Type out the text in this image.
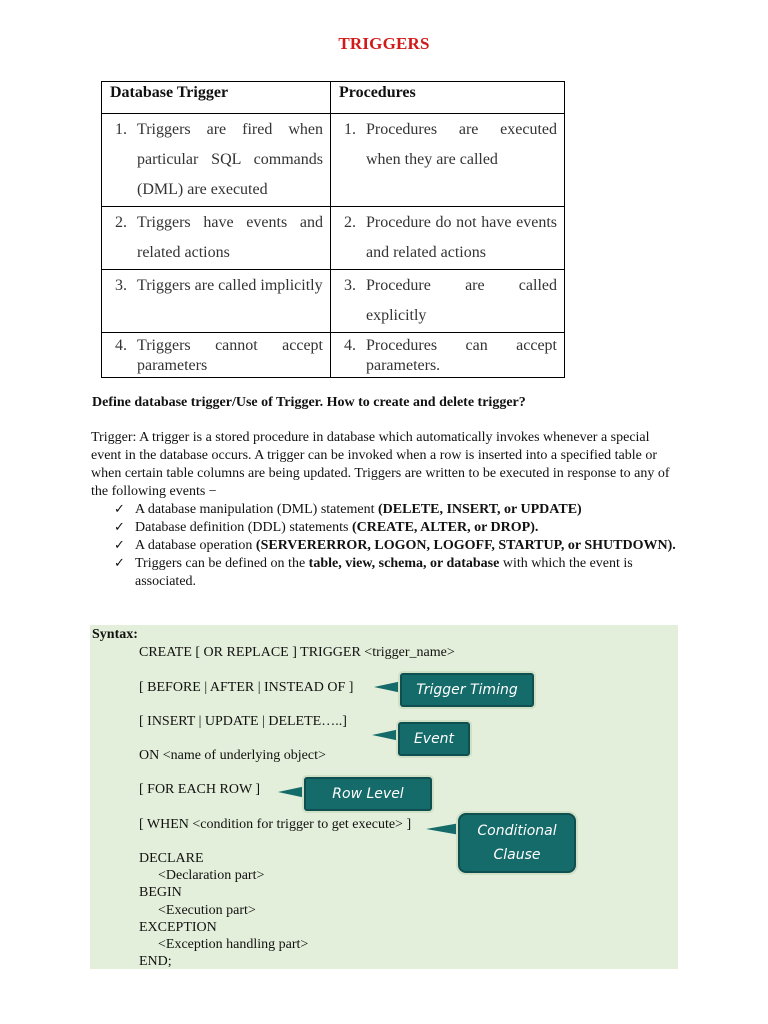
TRIGGERS
Database Trigger	Procedures

1. Triggers are fired when particular SQL commands (DML) are executed	1. Procedures are executed when they are called

2. Triggers have events and related actions	2. Procedure do not have events and related actions

3. Triggers are called implicitly	3. Procedure are called explicitly

4. Triggers cannot accept parameters	4. Procedures can accept parameters.
Define database trigger/Use of Trigger. How to create and delete trigger?

Trigger: A trigger is a stored procedure in database which automatically invokes whenever a special event in the database occurs. A trigger can be invoked when a row is inserted into a specified table or when certain table columns are being updated. Triggers are written to be executed in response to any of the following events −

✓ A database manipulation (DML) statement (DELETE, INSERT, or UPDATE)
✓ Database definition (DDL) statements (CREATE, ALTER, or DROP).
✓ A database operation (SERVERERROR, LOGON, LOGOFF, STARTUP, or SHUTDOWN).
✓ Triggers can be defined on the table, view, schema, or database with which the event is associated.
Syntax:
CREATE [ OR REPLACE ] TRIGGER <trigger_name>
[ BEFORE | AFTER | INSTEAD OF ]
[ INSERT | UPDATE | DELETE…..]
ON <name of underlying object>
[ FOR EACH ROW ]
[ WHEN <condition for trigger to get execute> ]
DECLARE
<Declaration part>
BEGIN
<Execution part>
EXCEPTION
<Exception handling part>
END;
Trigger Timing
Event
Row Level
Conditional Clause
